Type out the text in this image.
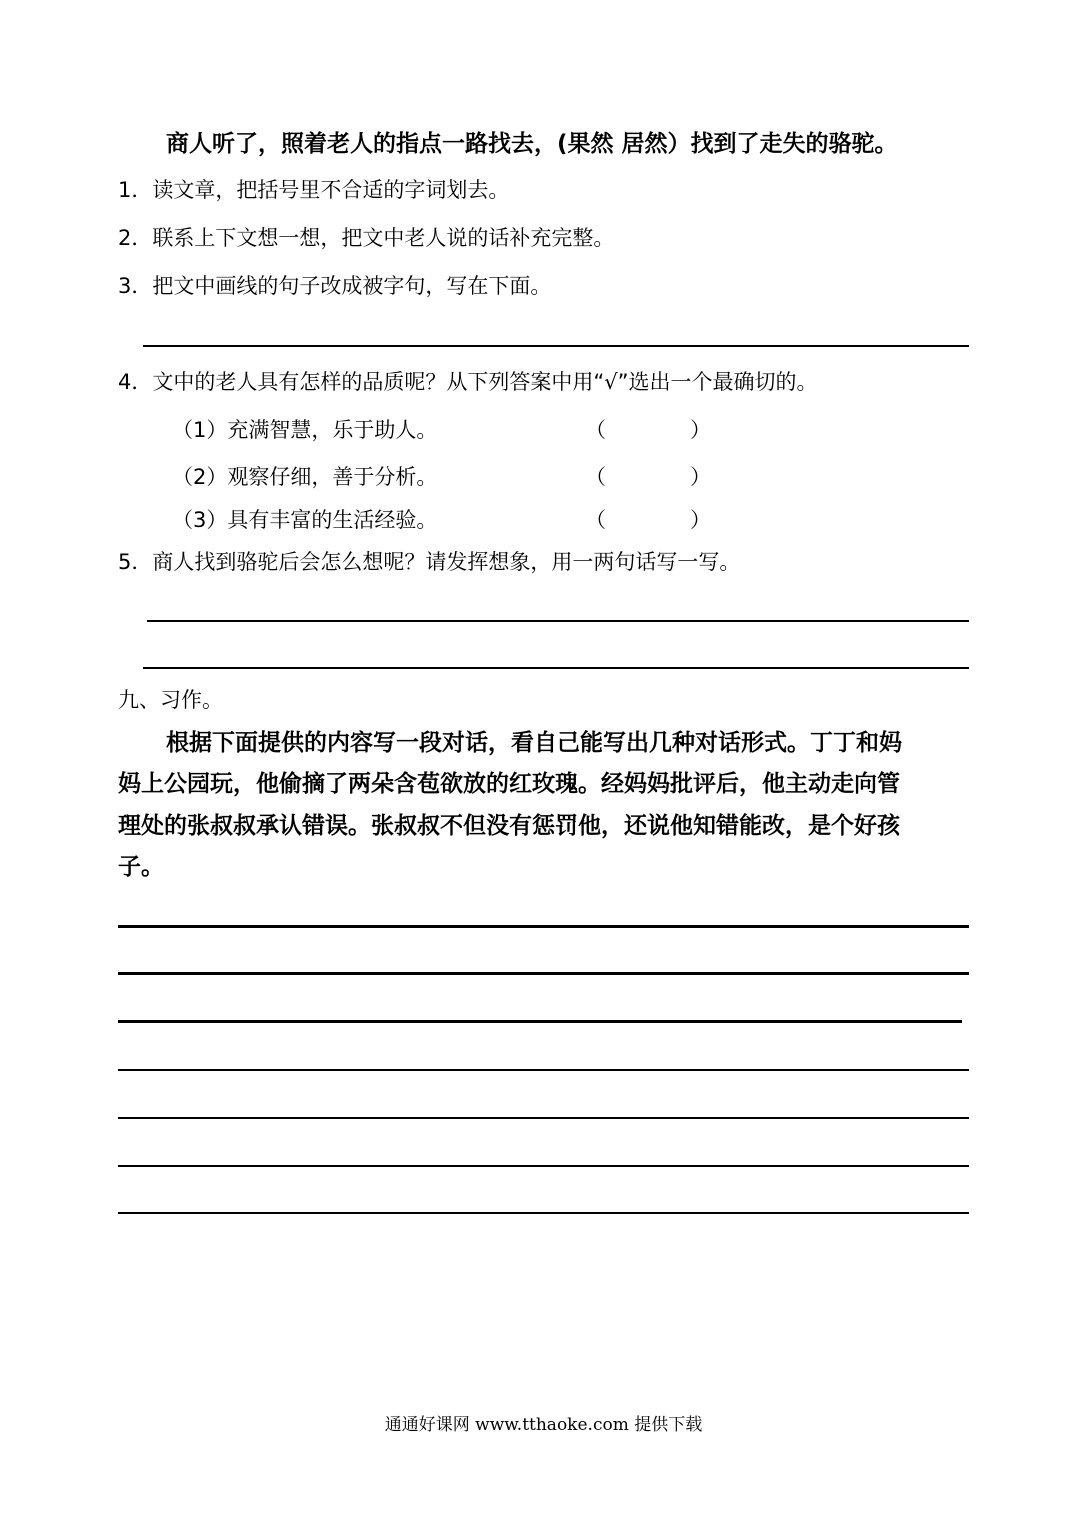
商人听了，照着老人的指点一路找去，(果然 居然）找到了走失的骆驼。
1．读文章，把括号里不合适的字词划去。
2．联系上下文想一想，把文中老人说的话补充完整。
3．把文中画线的句子改成被字句，写在下面。
4．文中的老人具有怎样的品质呢？从下列答案中用“√”选出一个最确切的。
（1）充满智慧，乐于助人。	（	）
（2）观察仔细，善于分析。	（	）
（3）具有丰富的生活经验。	（	）
5．商人找到骆驼后会怎么想呢？请发挥想象，用一两句话写一写。
九、习作。
根据下面提供的内容写一段对话，看自己能写出几种对话形式。丁丁和妈
妈上公园玩，他偷摘了两朵含苞欲放的红玫瑰。经妈妈批评后，他主动走向管
理处的张叔叔承认错误。张叔叔不但没有惩罚他，还说他知错能改，是个好孩
子。
通通好课网 www.tthaoke.com 提供下载
